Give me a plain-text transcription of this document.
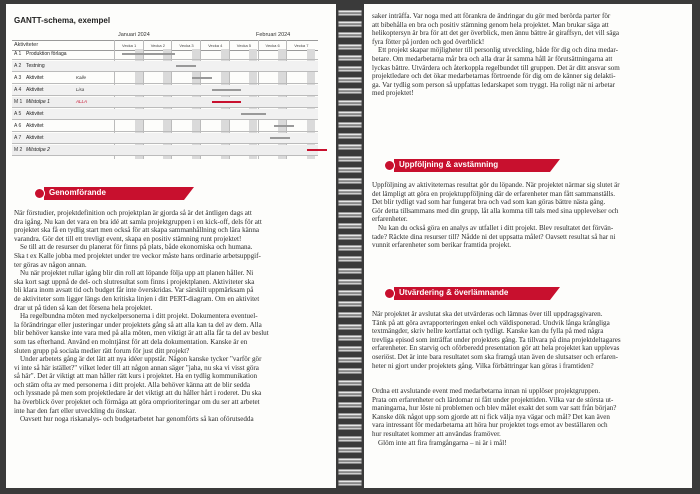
GANTT-schema, exempel
Januari 2024	Februari 2024
Aktiviteter	Vecka 1	Vecka 2	Vecka 3	Vecka 4	Vecka 5	Vecka 6	Vecka 7
A 1 Produktion förlaga
A 2 Testning
A 3 Aktivitet	Kalle
A 4 Aktivitet	Lisa
M 1 Milstolpe 1	ALLA
A 5 Aktivitet
A 6 Aktivitet
A 7 Aktivitet
M 2 Milstolpe 2
Genomförande

När förstudier, projektdefinition och projektplan är gjorda så är det äntligen dags att

dra igång. Nu kan det vara en bra idé att samla projektgruppen i en kick-off, dels för att

projektet ska få en tydlig start men också för att skapa sammanhållning och lära känna

varandra. Gör det till ett trevligt event, skapa en positiv stämning runt projektet!

Se till att de resurser du planerat för finns på plats, både ekonomiska och humana.

Ska t ex Kalle jobba med projektet under tre veckor måste hans ordinarie arbetsuppgif-

ter göras av någon annan.

Nu när projektet rullar igång blir din roll att löpande följa upp att planen håller. Ni

ska kort sagt uppnå de del- och slutresultat som finns i projektplanen. Aktiviteter ska

bli klara inom avsatt tid och budget får inte överskridas. Var särskilt uppmärksam på

de aktiviteter som ligger längs den kritiska linjen i ditt PERT-diagram. Om en aktivitet

drar ut på tiden så kan det försena hela projektet.

Ha regelbundna möten med nyckelpersonerna i ditt projekt. Dokumentera eventuel-

la förändringar eller justeringar under projektets gång så att alla kan ta del av dem. Alla

blir behöver kanske inte vara med på alla möten, men viktigt är att alla får ta del av beslut

som tas efterhand. Använd en molntjänst för att dela dokumentation. Kanske är en

sluten grupp på sociala medier rätt forum för just ditt projekt?

Under arbetets gång är det lätt att nya idéer uppstår. Någon kanske tycker "varför gör

vi inte så här istället?" vilket leder till att någon annan säger "jaha, nu ska vi visst göra

så här". Det är viktigt att man håller rätt kurs i projektet. Ha en tydlig kommunikation

och stäm ofta av med personerna i ditt projekt. Alla behöver känna att de blir sedda

och lyssnade på men som projektledare är det viktigt att du håller hårt i roderet. Du ska

ha överblick över projektet och förmåga att göra omprioriteringar om du ser att arbetet

inte har den fart eller utveckling du önskar.

Oavsett hur noga riskanalys- och budgetarbetet har genomförts så kan oförutsedda

saker inträffa. Var noga med att förankra de ändringar du gör med berörda parter för

att bibehålla en bra och positiv stämning genom hela projektet. Man brukar säga att

helikoptersyn är bra för att det ger överblick, men ännu bättre är giraffsyn, det vill säga

fyra fötter på jorden och god överblick!

Ett projekt skapar möjligheter till personlig utveckling, både för dig och dina medar-

betare. Om medarbetarna mår bra och alla drar åt samma håll är förutsättningarna att

lyckas bättre. Utvärdera och återkoppla regelbundet till gruppen. Det är ditt ansvar som

projektledare och det ökar medarbetarnas förtroende för dig om de känner sig delakti-

ga. Var tydlig som person så uppfattas ledarskapet som tryggt. Ha roligt när ni arbetar

med projektet!

Uppföljning & avstämning

Uppföljning av aktiviteternas resultat gör du löpande. När projektet närmar sig slutet är

det lämpligt att göra en projektuppföljning där de erfarenheter man fått sammanställs.

Det blir tydligt vad som har fungerat bra och vad som kan göras bättre nästa gång.

Gör detta tillsammans med din grupp, låt alla komma till tals med sina upplevelser och

erfarenheter.

Nu kan du också göra en analys av utfallet i ditt projekt. Blev resultatet det förvän-

tade? Räckte dina resurser till? Nådde ni det uppsatta målet? Oavsett resultat så har ni

vunnit erfarenheter som berikar framtida projekt.

Utvärdering & överlämnande

När projektet är avslutat ska det utvärderas och lämnas över till uppdragsgivaren.

Tänk på att göra avrapporteringen enkel och väldisponerad. Undvik långa krångliga

textmängder, skriv hellre kortfattat och tydligt. Kanske kan du fylla på med några

trevliga episod som inträffat under projektets gång. Ta tillvara på dina projektdeltagares

erfarenheter. En starvig och oförberedd presentation gör att hela projektet kan upplevas

oseriöst. Det är inte bara resultatet som ska framgå utan även de slutsatser och erfaren-

heter ni gjort under projektets gång. Vilka förbättringar kan göras i framtiden?

Ordna ett avslutande event med medarbetarna innan ni upplöser projektgruppen.

Prata om erfarenheter och lärdomar ni fått under projekttiden. Vilka var de största ut-

maningarna, hur löste ni problemen och blev målet exakt det som var satt från början?

Kanske dök något upp som gjorde att ni fick välja nya vägar och mål? Det kan även

vara intressant för medarbetarna att höra hur projektet togs emot av beställaren och

hur resultatet kommer att användas framöver.

Glöm inte att fira framgångarna – ni är i mål!
